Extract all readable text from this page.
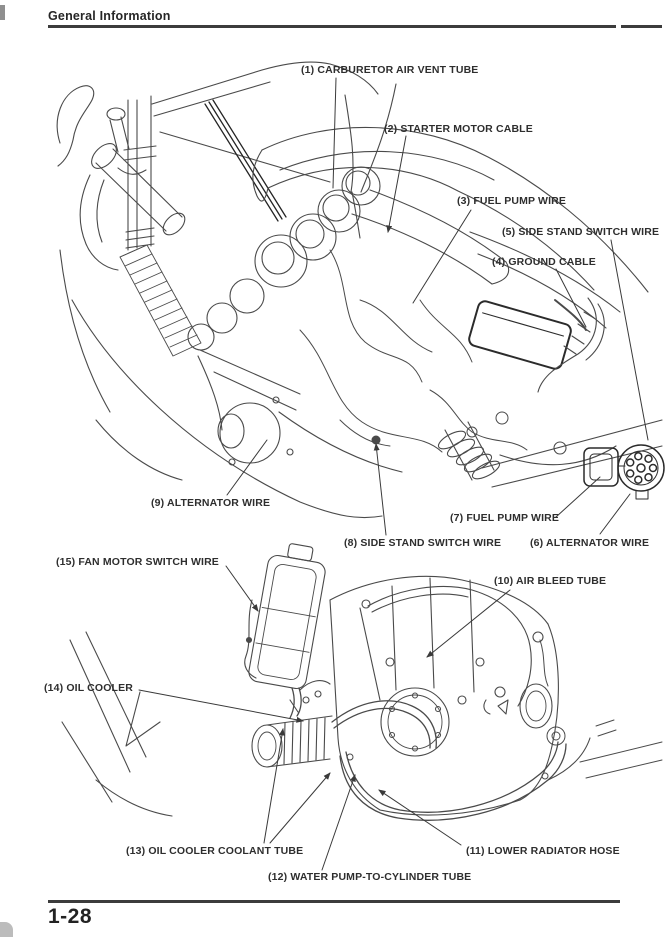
General Information
(1) CARBURETOR AIR VENT TUBE
(2) STARTER MOTOR CABLE
(3) FUEL PUMP WIRE
(5) SIDE STAND SWITCH WIRE
(4) GROUND CABLE
(9) ALTERNATOR WIRE
(7) FUEL PUMP WIRE
(8) SIDE STAND SWITCH WIRE	(6) ALTERNATOR WIRE
(15) FAN MOTOR SWITCH WIRE
(10) AIR BLEED TUBE
(14) OIL COOLER
(13) OIL COOLER COOLANT TUBE
(12) WATER PUMP-TO-CYLINDER TUBE
(11) LOWER RADIATOR HOSE
1-28
